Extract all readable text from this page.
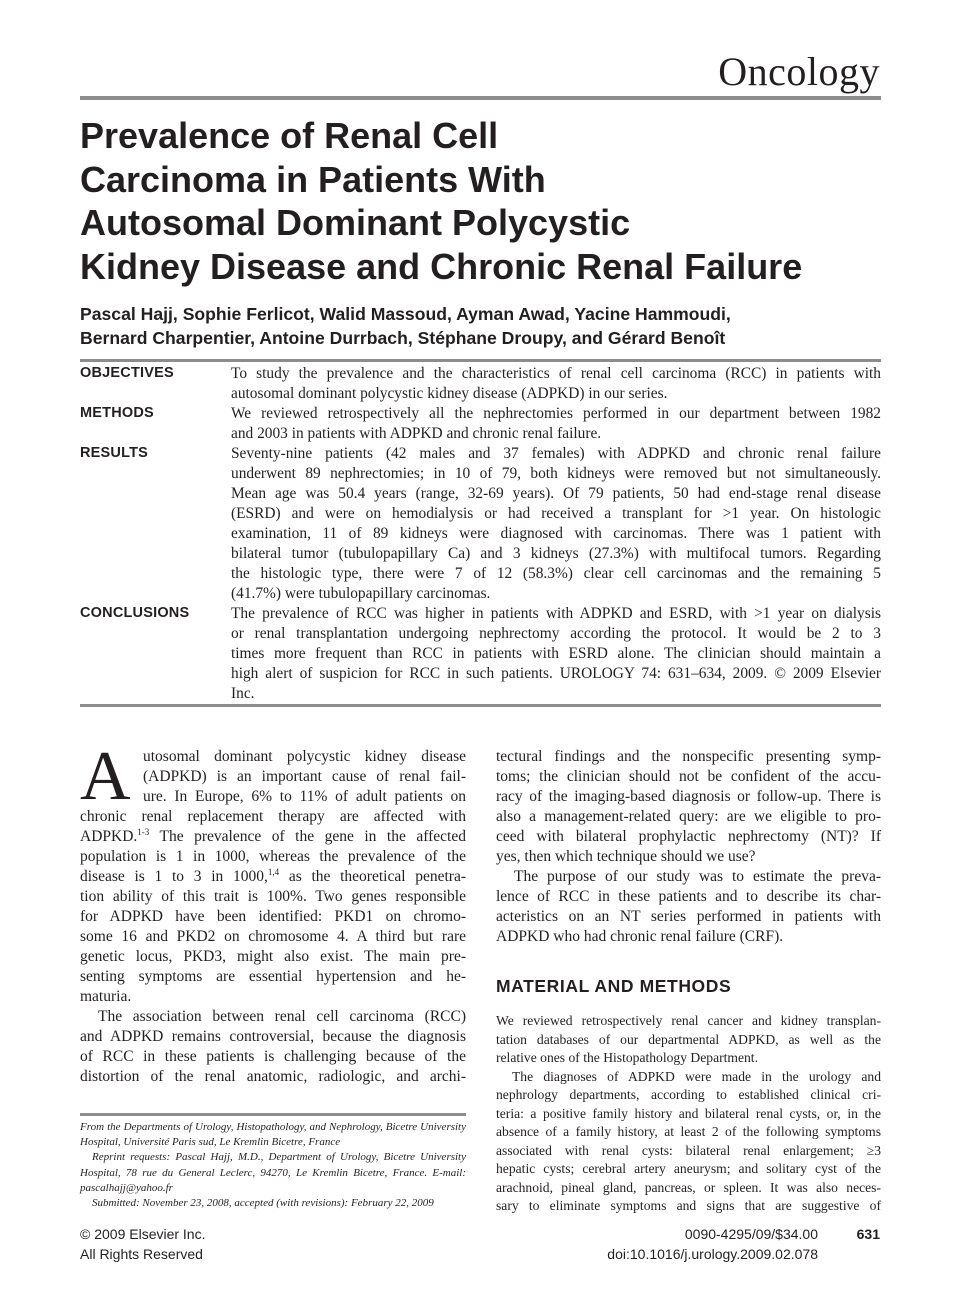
Oncology
Prevalence of Renal Cell
Carcinoma in Patients With
Autosomal Dominant Polycystic
Kidney Disease and Chronic Renal Failure
Pascal Hajj, Sophie Ferlicot, Walid Massoud, Ayman Awad, Yacine Hammoudi,
Bernard Charpentier, Antoine Durrbach, Stéphane Droupy, and Gérard Benoît
OBJECTIVES	To study the prevalence and the characteristics of renal cell carcinoma (RCC) in patients with
autosomal dominant polycystic kidney disease (ADPKD) in our series.
METHODS	We reviewed retrospectively all the nephrectomies performed in our department between 1982
and 2003 in patients with ADPKD and chronic renal failure.
RESULTS	Seventy-nine patients (42 males and 37 females) with ADPKD and chronic renal failure
underwent 89 nephrectomies; in 10 of 79, both kidneys were removed but not simultaneously.
Mean age was 50.4 years (range, 32-69 years). Of 79 patients, 50 had end-stage renal disease
(ESRD) and were on hemodialysis or had received a transplant for >1 year. On histologic
examination, 11 of 89 kidneys were diagnosed with carcinomas. There was 1 patient with
bilateral tumor (tubulopapillary Ca) and 3 kidneys (27.3%) with multifocal tumors. Regarding
the histologic type, there were 7 of 12 (58.3%) clear cell carcinomas and the remaining 5
(41.7%) were tubulopapillary carcinomas.
CONCLUSIONS	The prevalence of RCC was higher in patients with ADPKD and ESRD, with >1 year on dialysis
or renal transplantation undergoing nephrectomy according the protocol. It would be 2 to 3
times more frequent than RCC in patients with ESRD alone. The clinician should maintain a
high alert of suspicion for RCC in such patients. UROLOGY 74: 631–634, 2009. © 2009 Elsevier
Inc.
A utosomal dominant polycystic kidney disease
(ADPKD) is an important cause of renal fail-
ure. In Europe, 6% to 11% of adult patients on
chronic renal replacement therapy are affected with
ADPKD.$^{1-3}$ The prevalence of the gene in the affected
population is 1 in 1000, whereas the prevalence of the
disease is 1 to 3 in 1000,$^{1,4}$ as the theoretical penetra-
tion ability of this trait is 100%. Two genes responsible
for ADPKD have been identified: PKD1 on chromo-
some 16 and PKD2 on chromosome 4. A third but rare
genetic locus, PKD3, might also exist. The main pre-
senting symptoms are essential hypertension and he-
maturia.
The association between renal cell carcinoma (RCC)
and ADPKD remains controversial, because the diagnosis
of RCC in these patients is challenging because of the
distortion of the renal anatomic, radiologic, and archi-
From the Departments of Urology, Histopathology, and Nephrology, Bicetre University
Hospital, Université Paris sud, Le Kremlin Bicetre, France
Reprint requests: Pascal Hajj, M.D., Department of Urology, Bicetre University
Hospital, 78 rue du General Leclerc, 94270, Le Kremlin Bicetre, France. E-mail:
pascalhajj@yahoo.fr
Submitted: November 23, 2008, accepted (with revisions): February 22, 2009
tectural findings and the nonspecific presenting symp-
toms; the clinician should not be confident of the accu-
racy of the imaging-based diagnosis or follow-up. There is
also a management-related query: are we eligible to pro-
ceed with bilateral prophylactic nephrectomy (NT)? If
yes, then which technique should we use?
The purpose of our study was to estimate the preva-
lence of RCC in these patients and to describe its char-
acteristics on an NT series performed in patients with
ADPKD who had chronic renal failure (CRF).
MATERIAL AND METHODS
We reviewed retrospectively renal cancer and kidney transplan-
tation databases of our departmental ADPKD, as well as the
relative ones of the Histopathology Department.
The diagnoses of ADPKD were made in the urology and
nephrology departments, according to established clinical cri-
teria: a positive family history and bilateral renal cysts, or, in the
absence of a family history, at least 2 of the following symptoms
associated with renal cysts: bilateral renal enlargement; ≥3
hepatic cysts; cerebral artery aneurysm; and solitary cyst of the
arachnoid, pineal gland, pancreas, or spleen. It was also neces-
sary to eliminate symptoms and signs that are suggestive of
© 2009 Elsevier Inc.
All Rights Reserved
0090-4295/09/$34.00
doi:10.1016/j.urology.2009.02.078
631
